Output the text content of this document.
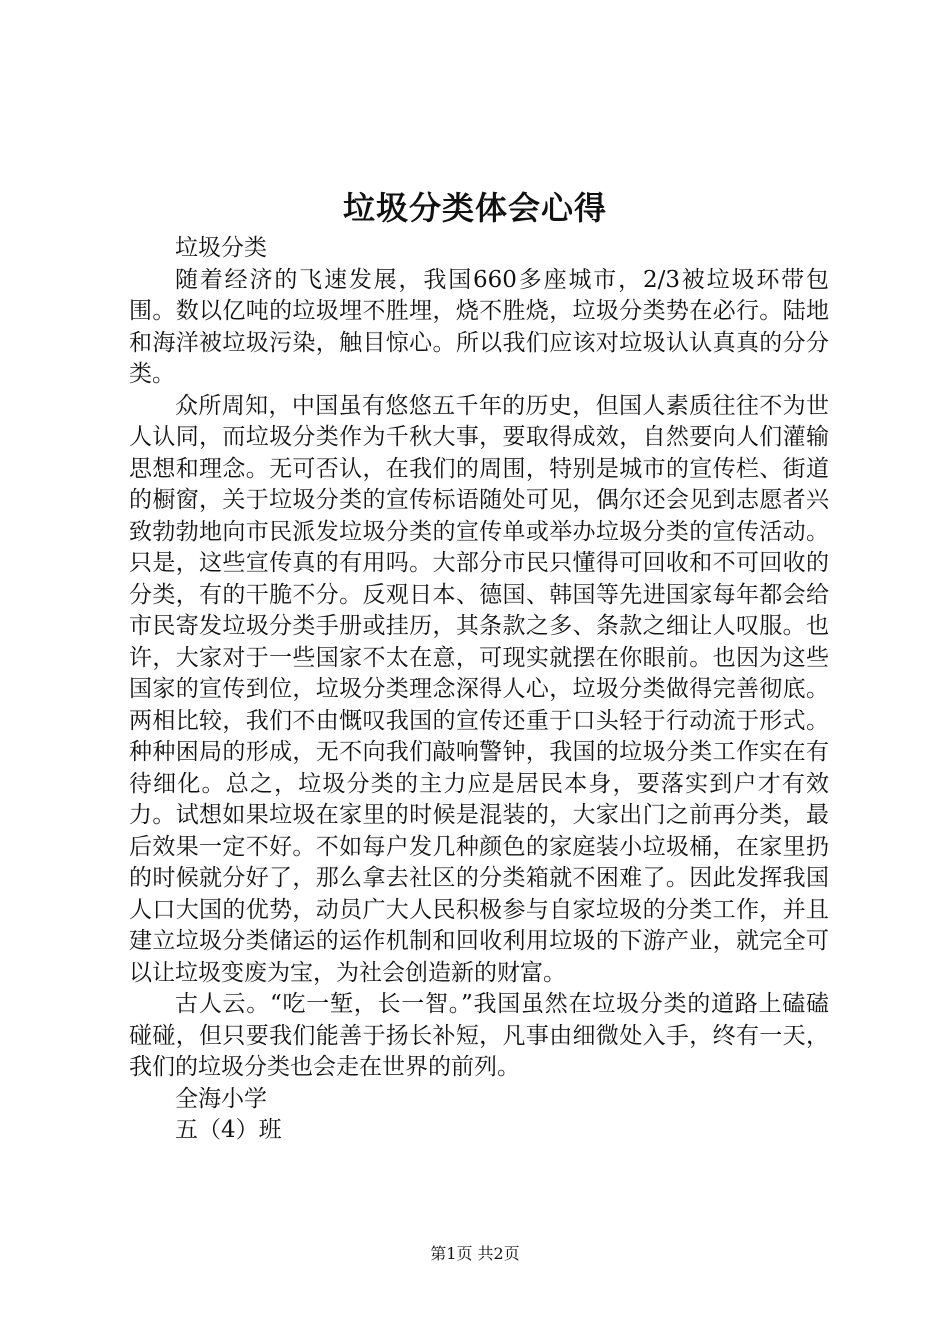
垃圾分类体会心得

垃圾分类

随着经济的飞速发展，我国660多座城市，2/3被垃圾环带包围。数以亿吨的垃圾埋不胜埋，烧不胜烧，垃圾分类势在必行。陆地和海洋被垃圾污染，触目惊心。所以我们应该对垃圾认认真真的分分类。

众所周知，中国虽有悠悠五千年的历史，但国人素质往往不为世人认同，而垃圾分类作为千秋大事，要取得成效，自然要向人们灌输思想和理念。无可否认，在我们的周围，特别是城市的宣传栏、街道的橱窗，关于垃圾分类的宣传标语随处可见，偶尔还会见到志愿者兴致勃勃地向市民派发垃圾分类的宣传单或举办垃圾分类的宣传活动。只是，这些宣传真的有用吗。大部分市民只懂得可回收和不可回收的分类，有的干脆不分。反观日本、德国、韩国等先进国家每年都会给市民寄发垃圾分类手册或挂历，其条款之多、条款之细让人叹服。也许，大家对于一些国家不太在意，可现实就摆在你眼前。也因为这些国家的宣传到位，垃圾分类理念深得人心，垃圾分类做得完善彻底。两相比较，我们不由慨叹我国的宣传还重于口头轻于行动流于形式。种种困局的形成，无不向我们敲响警钟，我国的垃圾分类工作实在有待细化。总之，垃圾分类的主力应是居民本身，要落实到户才有效力。试想如果垃圾在家里的时候是混装的，大家出门之前再分类，最后效果一定不好。不如每户发几种颜色的家庭装小垃圾桶，在家里扔的时候就分好了，那么拿去社区的分类箱就不困难了。因此发挥我国人口大国的优势，动员广大人民积极参与自家垃圾的分类工作，并且建立垃圾分类储运的运作机制和回收利用垃圾的下游产业，就完全可以让垃圾变废为宝，为社会创造新的财富。

古人云。“吃一堑，长一智。”我国虽然在垃圾分类的道路上磕磕碰碰，但只要我们能善于扬长补短，凡事由细微处入手，终有一天，我们的垃圾分类也会走在世界的前列。

全海小学

五（4）班

第1页 共2页
